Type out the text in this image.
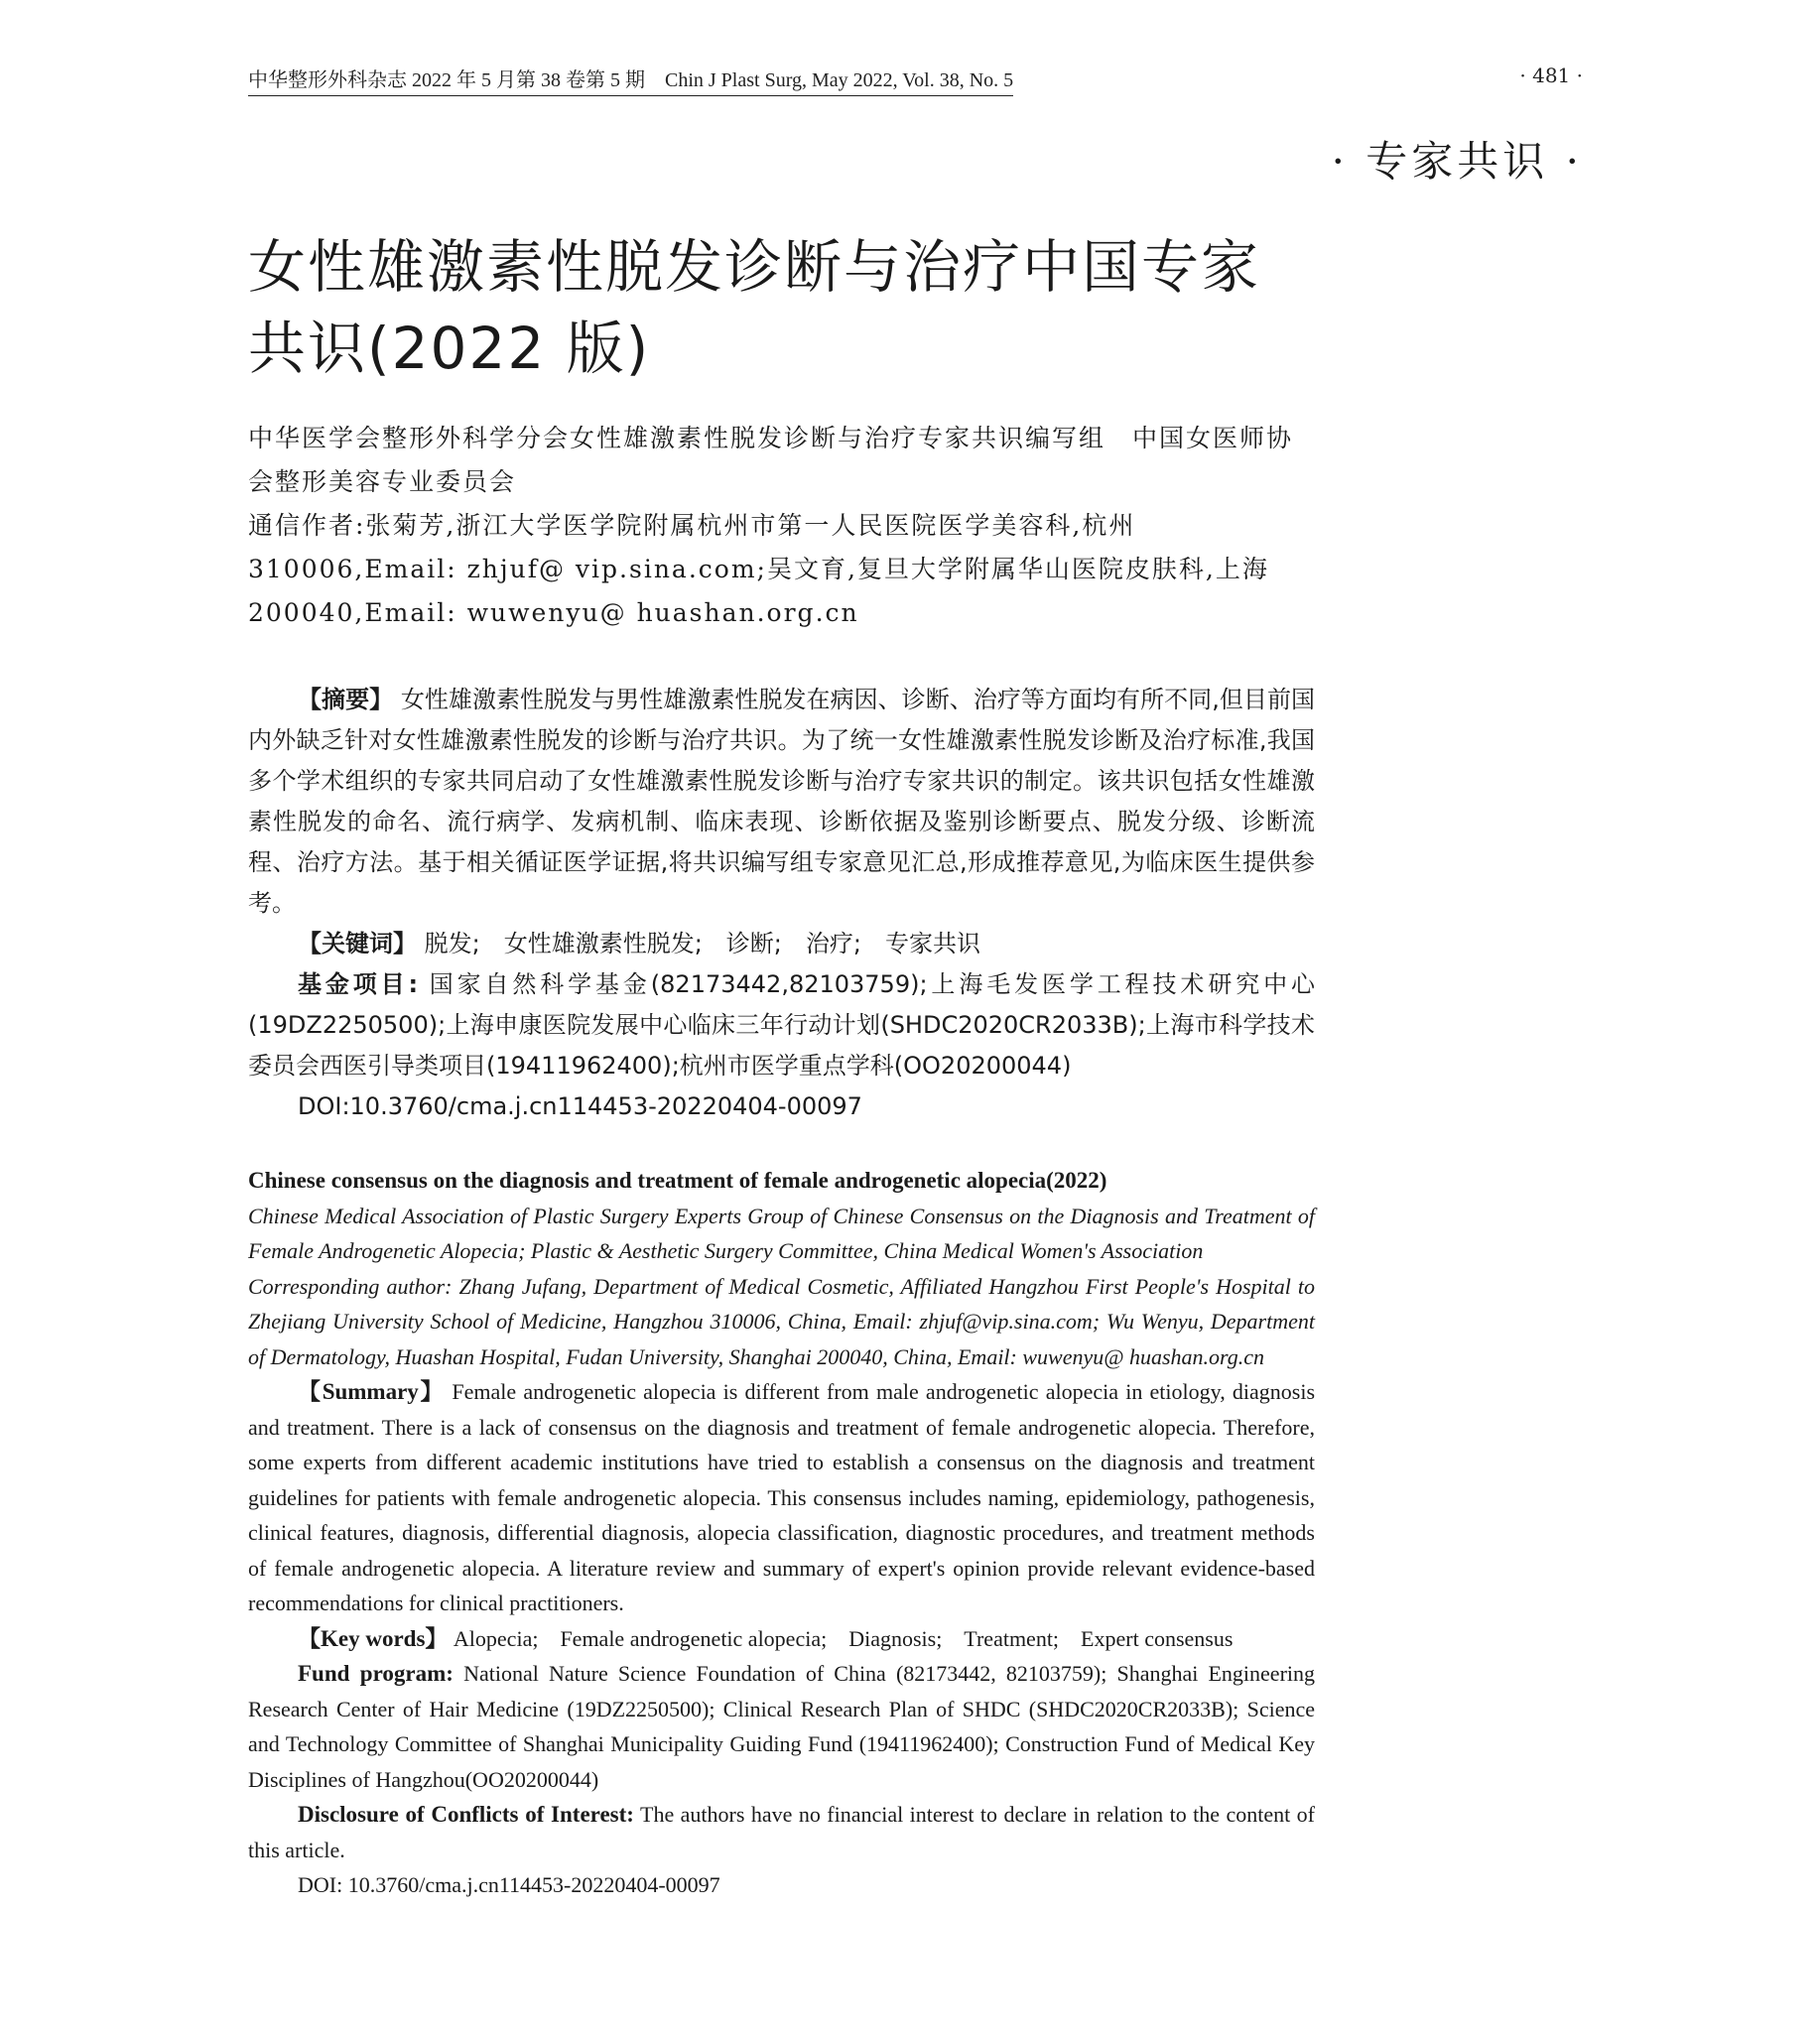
中华整形外科杂志 2022 年 5 月第 38 卷第 5 期　Chin J Plast Surg, May 2022, Vol. 38, No. 5	· 481 ·
· 专家共识 ·
女性雄激素性脱发诊断与治疗中国专家
共识(2022 版)

中华医学会整形外科学分会女性雄激素性脱发诊断与治疗专家共识编写组　中国女医师协会整形美容专业委员会

通信作者:张菊芳,浙江大学医学院附属杭州市第一人民医院医学美容科,杭州 310006,Email: zhjuf@ vip.sina.com;吴文育,复旦大学附属华山医院皮肤科,上海 200040,Email: wuwenyu@ huashan.org.cn

【摘要】 女性雄激素性脱发与男性雄激素性脱发在病因、诊断、治疗等方面均有所不同,但目前国内外缺乏针对女性雄激素性脱发的诊断与治疗共识。为了统一女性雄激素性脱发诊断及治疗标准,我国多个学术组织的专家共同启动了女性雄激素性脱发诊断与治疗专家共识的制定。该共识包括女性雄激素性脱发的命名、流行病学、发病机制、临床表现、诊断依据及鉴别诊断要点、脱发分级、诊断流程、治疗方法。基于相关循证医学证据,将共识编写组专家意见汇总,形成推荐意见,为临床医生提供参考。

【关键词】 脱发;　女性雄激素性脱发;　诊断;　治疗;　专家共识

基金项目: 国家自然科学基金(82173442,82103759);上海毛发医学工程技术研究中心(19DZ2250500);上海申康医院发展中心临床三年行动计划(SHDC2020CR2033B);上海市科学技术委员会西医引导类项目(19411962400);杭州市医学重点学科(OO20200044)

DOI:10.3760/cma.j.cn114453-20220404-00097

Chinese consensus on the diagnosis and treatment of female androgenetic alopecia(2022)

Chinese Medical Association of Plastic Surgery Experts Group of Chinese Consensus on the Diagnosis and Treatment of Female Androgenetic Alopecia; Plastic & Aesthetic Surgery Committee, China Medical Women's Association

Corresponding author: Zhang Jufang, Department of Medical Cosmetic, Affiliated Hangzhou First People's Hospital to Zhejiang University School of Medicine, Hangzhou 310006, China, Email: zhjuf@vip.sina.com; Wu Wenyu, Department of Dermatology, Huashan Hospital, Fudan University, Shanghai 200040, China, Email: wuwenyu@ huashan.org.cn

【Summary】 Female androgenetic alopecia is different from male androgenetic alopecia in etiology, diagnosis and treatment. There is a lack of consensus on the diagnosis and treatment of female androgenetic alopecia. Therefore, some experts from different academic institutions have tried to establish a consensus on the diagnosis and treatment guidelines for patients with female androgenetic alopecia. This consensus includes naming, epidemiology, pathogenesis, clinical features, diagnosis, differential diagnosis, alopecia classification, diagnostic procedures, and treatment methods of female androgenetic alopecia. A literature review and summary of expert's opinion provide relevant evidence-based recommendations for clinical practitioners.

【Key words】 Alopecia;　Female androgenetic alopecia;　Diagnosis;　Treatment;　Expert consensus

Fund program: National Nature Science Foundation of China (82173442, 82103759); Shanghai Engineering Research Center of Hair Medicine (19DZ2250500); Clinical Research Plan of SHDC (SHDC2020CR2033B); Science and Technology Committee of Shanghai Municipality Guiding Fund (19411962400); Construction Fund of Medical Key Disciplines of Hangzhou(OO20200044)

Disclosure of Conflicts of Interest: The authors have no financial interest to declare in relation to the content of this article.

DOI: 10.3760/cma.j.cn114453-20220404-00097
